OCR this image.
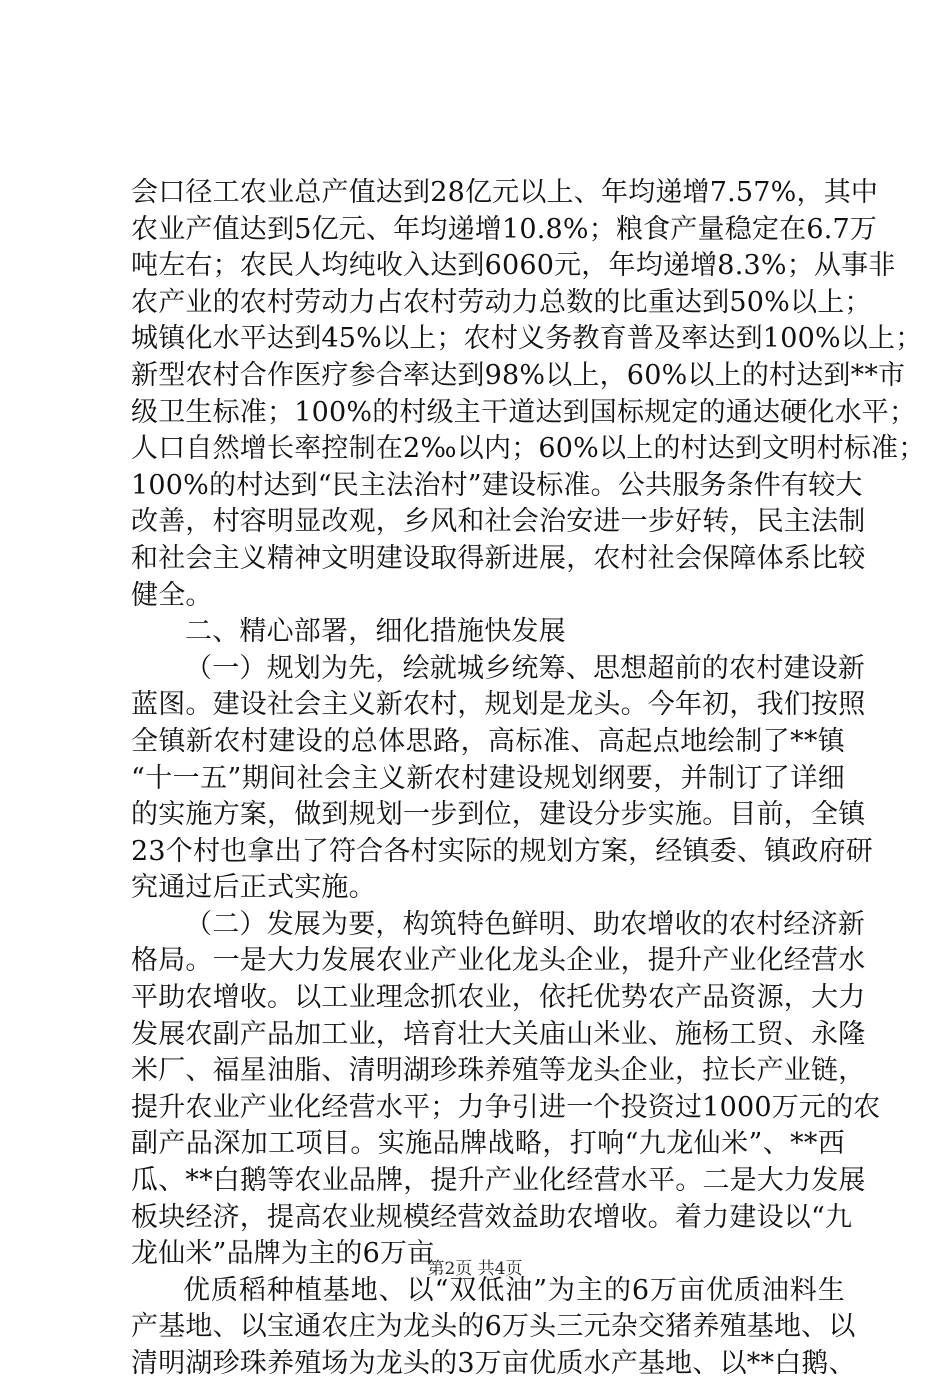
会口径工农业总产值达到28亿元以上、年均递增7.57%，其中
农业产值达到5亿元、年均递增10.8%；粮食产量稳定在6.7万
吨左右；农民人均纯收入达到6060元，年均递增8.3%；从事非
农产业的农村劳动力占农村劳动力总数的比重达到50%以上；
城镇化水平达到45%以上；农村义务教育普及率达到100%以上；
新型农村合作医疗参合率达到98%以上，60%以上的村达到**市
级卫生标准；100%的村级主干道达到国标规定的通达硬化水平；
人口自然增长率控制在2‰以内；60%以上的村达到文明村标准；
100%的村达到“民主法治村”建设标准。公共服务条件有较大
改善，村容明显改观，乡风和社会治安进一步好转，民主法制
和社会主义精神文明建设取得新进展，农村社会保障体系比较
健全。
二、精心部署，细化措施快发展
（一）规划为先，绘就城乡统筹、思想超前的农村建设新
蓝图。建设社会主义新农村，规划是龙头。今年初，我们按照
全镇新农村建设的总体思路，高标准、高起点地绘制了**镇
“十一五”期间社会主义新农村建设规划纲要，并制订了详细
的实施方案，做到规划一步到位，建设分步实施。目前，全镇
23个村也拿出了符合各村实际的规划方案，经镇委、镇政府研
究通过后正式实施。
（二）发展为要，构筑特色鲜明、助农增收的农村经济新
格局。一是大力发展农业产业化龙头企业，提升产业化经营水
平助农增收。以工业理念抓农业，依托优势农产品资源，大力
发展农副产品加工业，培育壮大关庙山米业、施杨工贸、永隆
米厂、福星油脂、清明湖珍珠养殖等龙头企业，拉长产业链，
提升农业产业化经营水平；力争引进一个投资过1000万元的农
副产品深加工项目。实施品牌战略，打响“九龙仙米”、**西
瓜、**白鹅等农业品牌，提升产业化经营水平。二是大力发展
板块经济，提高农业规模经营效益助农增收。着力建设以“九
龙仙米”品牌为主的6万亩
优质稻种植基地、以“双低油”为主的6万亩优质油料生
产基地、以宝通农庄为龙头的6万头三元杂交猪养殖基地、以
清明湖珍珠养殖场为龙头的3万亩优质水产基地、以**白鹅、
第2页 共4页
